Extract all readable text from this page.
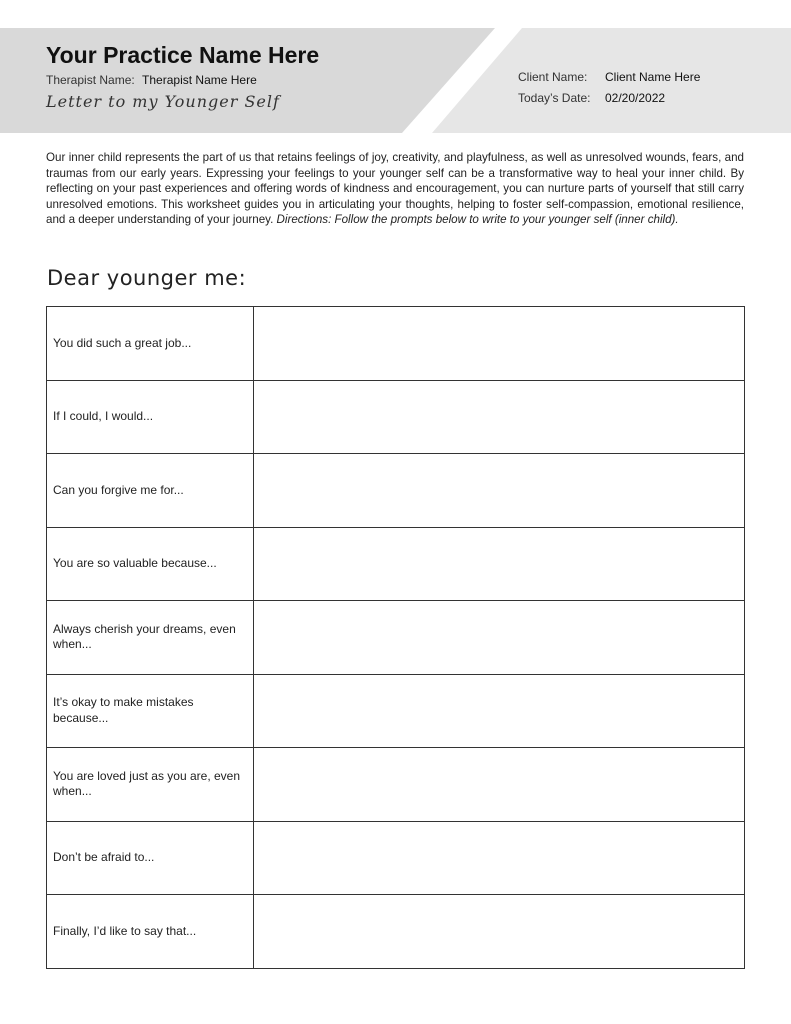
Your Practice Name Here
Therapist Name: Therapist Name Here
Letter to my Younger Self
Client Name:	Client Name Here
Today’s Date:	02/20/2022
Our inner child represents the part of us that retains feelings of joy, creativity, and playfulness, as well as unresolved wounds, fears, and traumas from our early years. Expressing your feelings to your younger self can be a transformative way to heal your inner child. By reflecting on your past experiences and offering words of kindness and encouragement, you can nurture parts of yourself that still carry unresolved emotions. This worksheet guides you in articulating your thoughts, helping to foster self-compassion, emotional resilience, and a deeper understanding of your journey. Directions: Follow the prompts below to write to your younger self (inner child).
Dear younger me:
You did such a great job...	
If I could, I would...	
Can you forgive me for...	
You are so valuable because...	
Always cherish your dreams, even when...	
It’s okay to make mistakes because...	
You are loved just as you are, even when...	
Don’t be afraid to...	
Finally, I’d like to say that...	
